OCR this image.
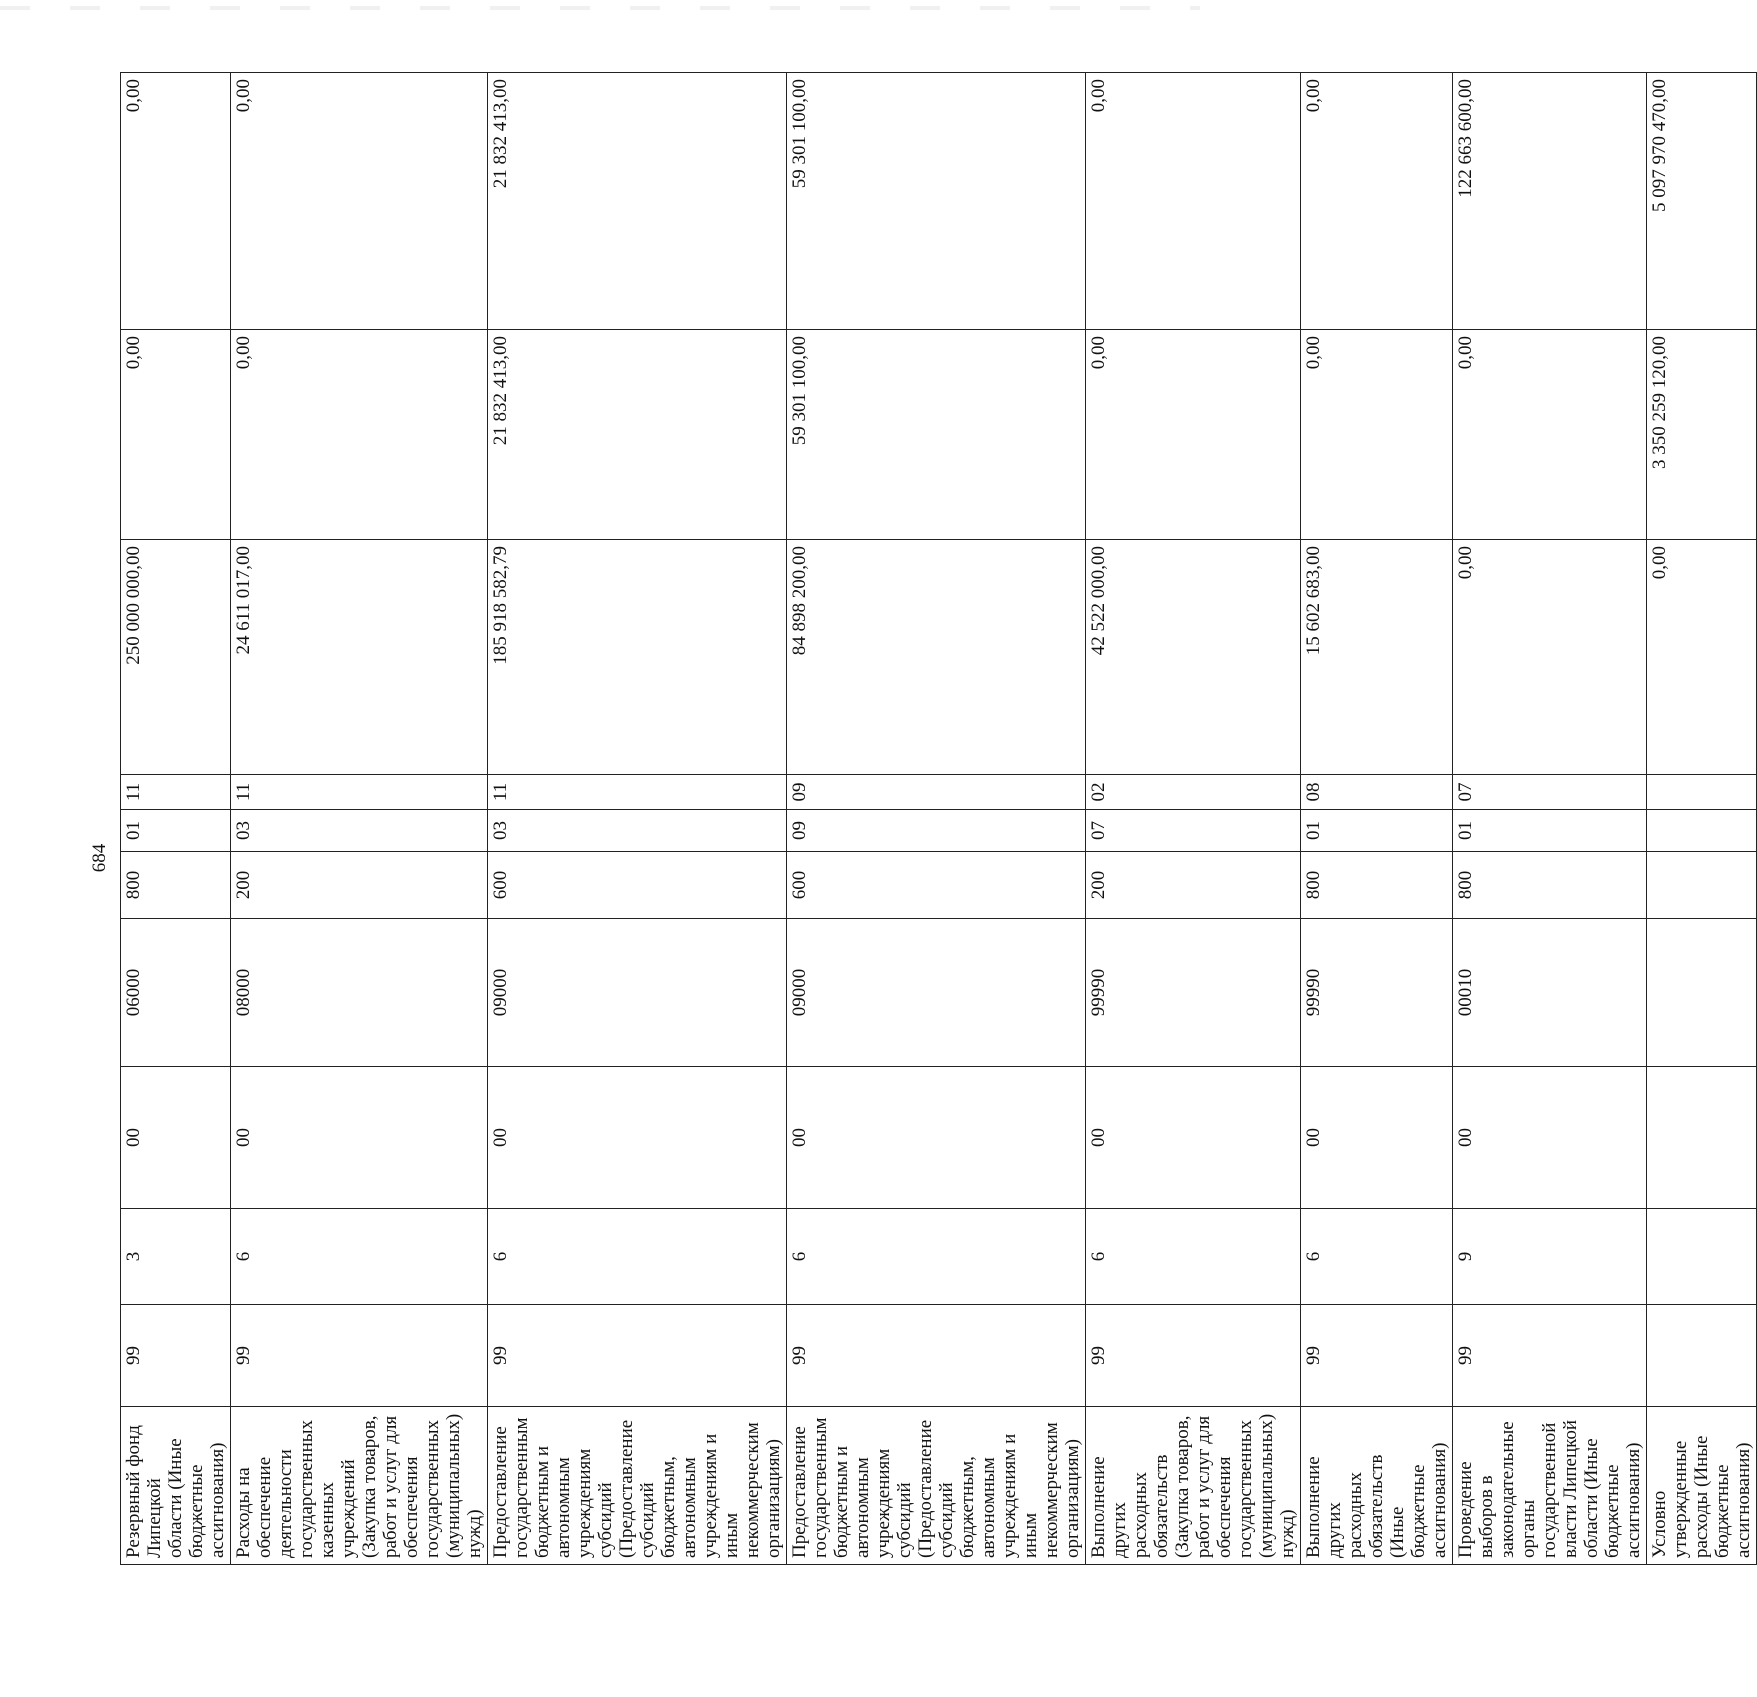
684
Резервный фонд Липецкой области (Иные бюджетные ассигнования)	99	3	00	06000	800	01	11	250 000 000,00	0,00	0,00
Расходы на обеспечение деятельности государственных казенных учреждений (Закупка товаров, работ и услуг для обеспечения государственных (муниципальных) нужд)	99	6	00	08000	200	03	11	24 611 017,00	0,00	0,00
Предоставление государственным бюджетным и автономным учреждениям субсидий (Предоставление субсидий бюджетным, автономным учреждениям и иным некоммерческим организациям)	99	6	00	09000	600	03	11	185 918 582,79	21 832 413,00	21 832 413,00
Предоставление государственным бюджетным и автономным учреждениям субсидий (Предоставление субсидий бюджетным, автономным учреждениям и иным некоммерческим организациям)	99	6	00	09000	600	09	09	84 898 200,00	59 301 100,00	59 301 100,00
Выполнение других расходных обязательств (Закупка товаров, работ и услуг для обеспечения государственных (муниципальных) нужд)	99	6	00	99990	200	07	02	42 522 000,00	0,00	0,00
Выполнение других расходных обязательств (Иные бюджетные ассигнования)	99	6	00	99990	800	01	08	15 602 683,00	0,00	0,00
Проведение выборов в законодательные органы государственной власти Липецкой области (Иные бюджетные ассигнования)	99	9	00	00010	800	01	07	0,00	0,00	122 663 600,00
Условно утвержденные расходы (Иные бюджетные ассигнования)								0,00	3 350 259 120,00	5 097 970 470,00
